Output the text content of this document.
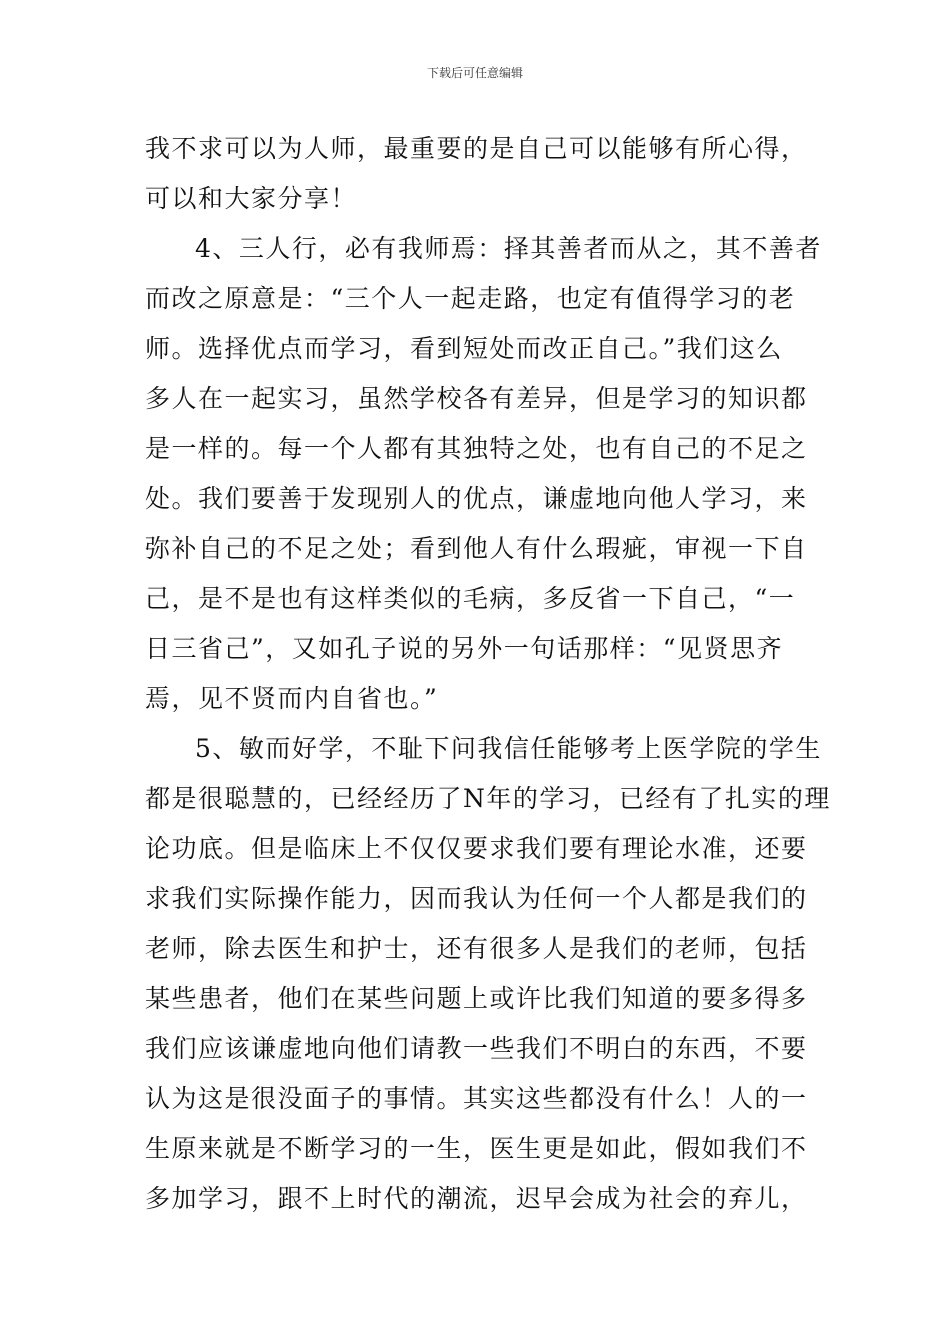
下载后可任意编辑
我不求可以为人师，最重要的是自己可以能够有所心得，
可以和大家分享！
4、三人行，必有我师焉：择其善者而从之，其不善者
而改之原意是：“三个人一起走路，也定有值得学习的老
师。选择优点而学习，看到短处而改正自己。”我们这么
多人在一起实习，虽然学校各有差异，但是学习的知识都
是一样的。每一个人都有其独特之处，也有自己的不足之
处。我们要善于发现别人的优点，谦虚地向他人学习，来
弥补自己的不足之处；看到他人有什么瑕疵，审视一下自
己，是不是也有这样类似的毛病，多反省一下自己，“一
日三省己”，又如孔子说的另外一句话那样：“见贤思齐
焉，见不贤而内自省也。”
5、敏而好学，不耻下问我信任能够考上医学院的学生
都是很聪慧的，已经经历了N年的学习，已经有了扎实的理
论功底。但是临床上不仅仅要求我们要有理论水准，还要
求我们实际操作能力，因而我认为任何一个人都是我们的
老师，除去医生和护士，还有很多人是我们的老师，包括
某些患者，他们在某些问题上或许比我们知道的要多得多
我们应该谦虚地向他们请教一些我们不明白的东西，不要
认为这是很没面子的事情。其实这些都没有什么！人的一
生原来就是不断学习的一生，医生更是如此，假如我们不
多加学习，跟不上时代的潮流，迟早会成为社会的弃儿，
